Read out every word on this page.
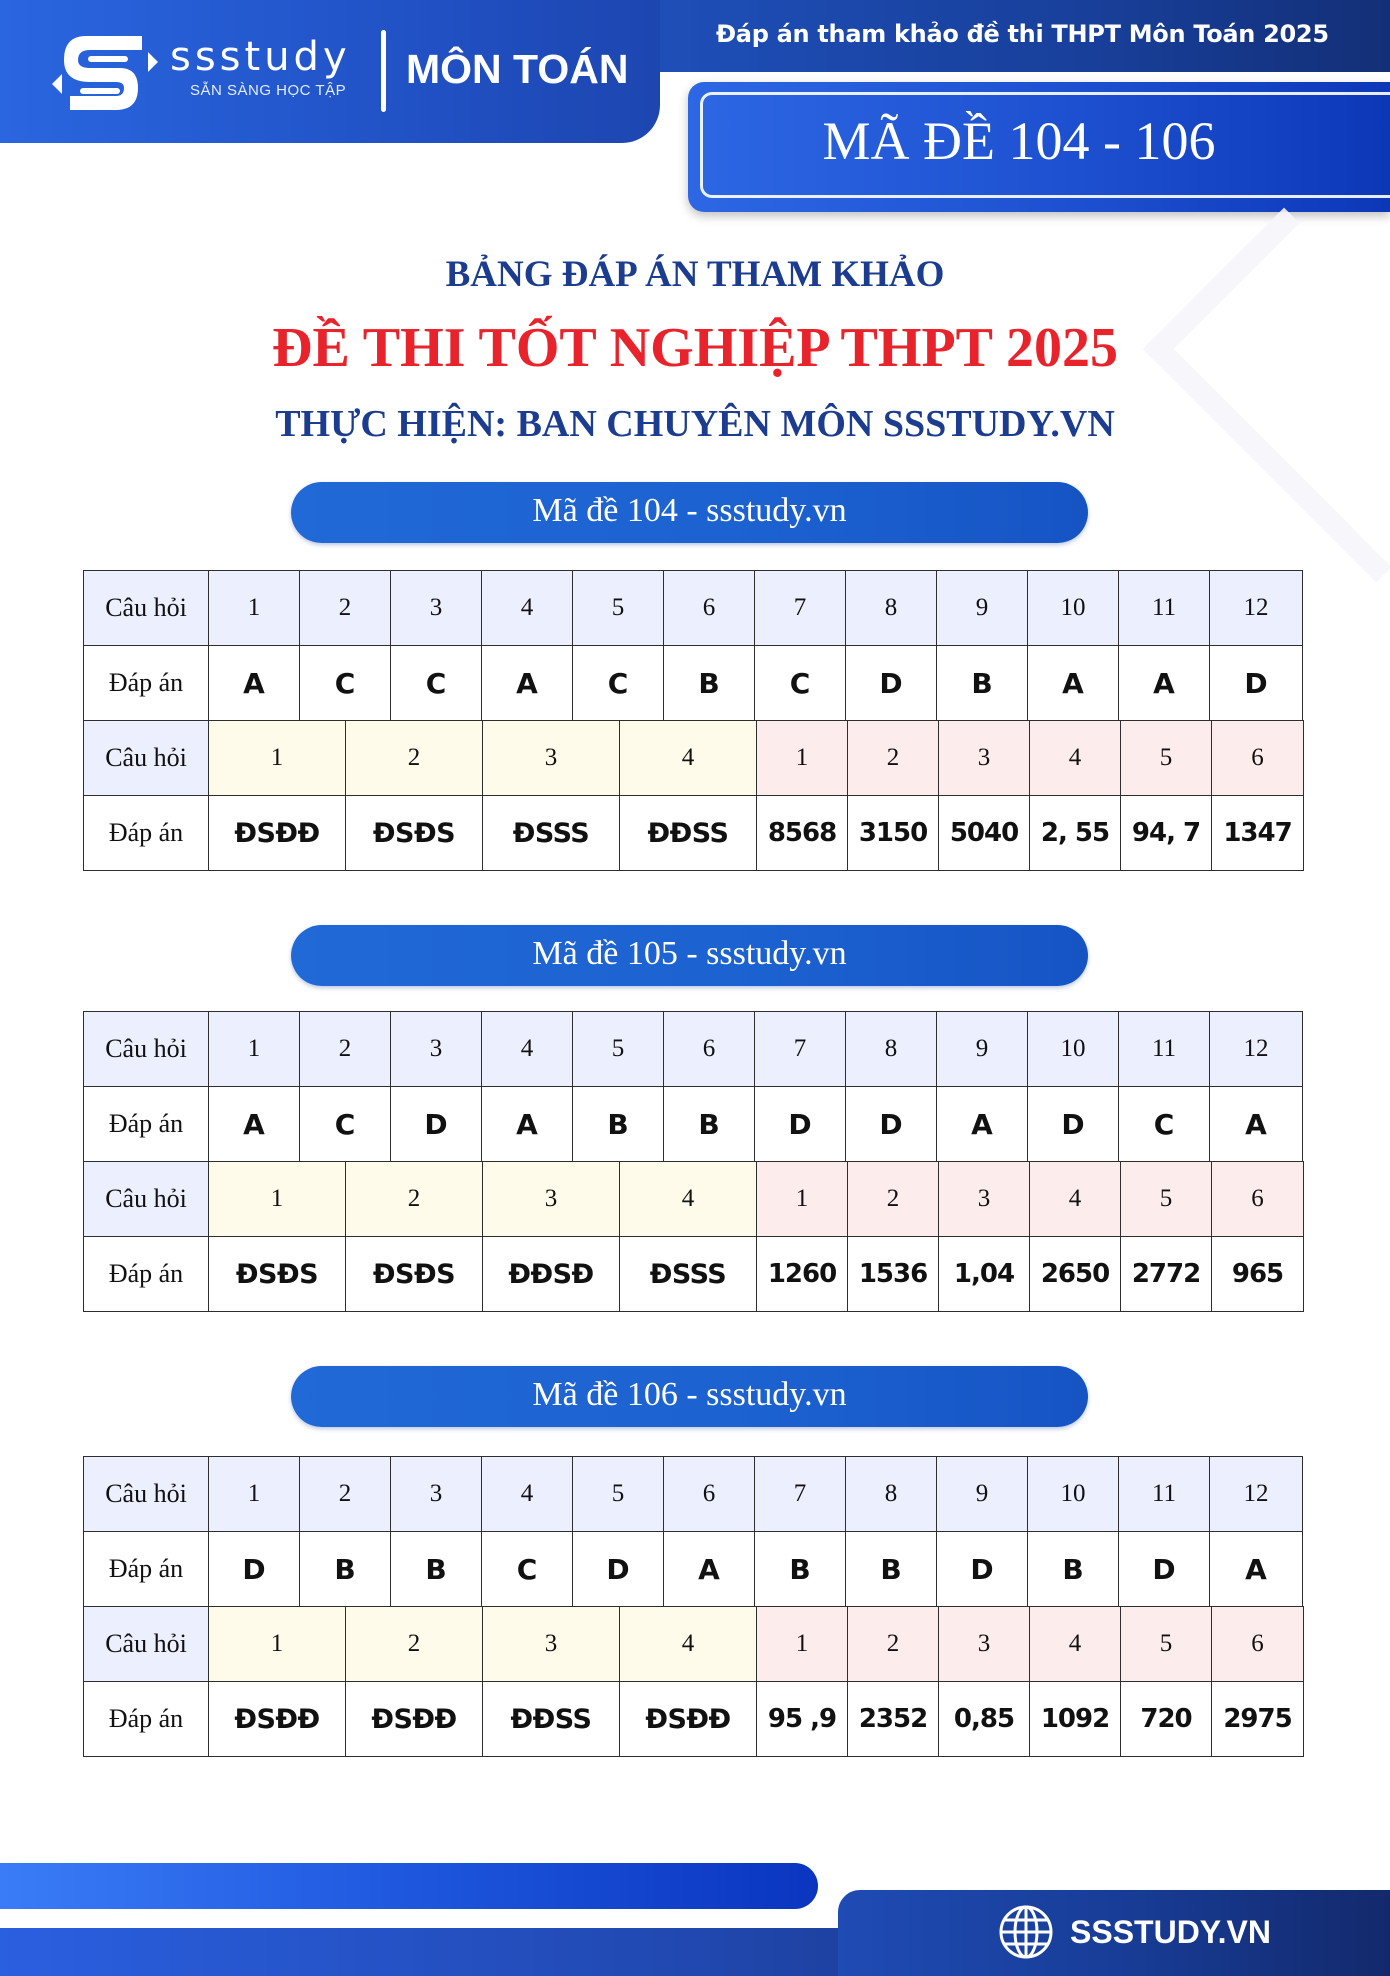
ssstudy
SẴN SÀNG HỌC TẬP MÔN TOÁN
Đáp án tham khảo đề thi THPT Môn Toán 2025
MÃ ĐỀ 104 - 106
BẢNG ĐÁP ÁN THAM KHẢO
ĐỀ THI TỐT NGHIỆP THPT 2025
THỰC HIỆN: BAN CHUYÊN MÔN SSSTUDY.VN
Mã đề 104 - ssstudy.vn
Câu hỏi	1	2	3	4	5	6	7	8	9	10	11	12
Đáp án	A	C	C	A	C	B	C	D	B	A	A	D
Câu hỏi	1	2	3	4	1	2	3	4	5	6
Đáp án	ĐSĐĐ	ĐSĐS	ĐSSS	ĐĐSS	8568	3150	5040	2, 55	94, 7	1347
Mã đề 105 - ssstudy.vn
Câu hỏi	1	2	3	4	5	6	7	8	9	10	11	12
Đáp án	A	C	D	A	B	B	D	D	A	D	C	A
Câu hỏi	1	2	3	4	1	2	3	4	5	6
Đáp án	ĐSĐS	ĐSĐS	ĐĐSĐ	ĐSSS	1260	1536	1,04	2650	2772	965
Mã đề 106 - ssstudy.vn
Câu hỏi	1	2	3	4	5	6	7	8	9	10	11	12
Đáp án	D	B	B	C	D	A	B	B	D	B	D	A
Câu hỏi	1	2	3	4	1	2	3	4	5	6
Đáp án	ĐSĐĐ	ĐSĐĐ	ĐĐSS	ĐSĐĐ	95 ,9	2352	0,85	1092	720	2975
SSSTUDY.VN
